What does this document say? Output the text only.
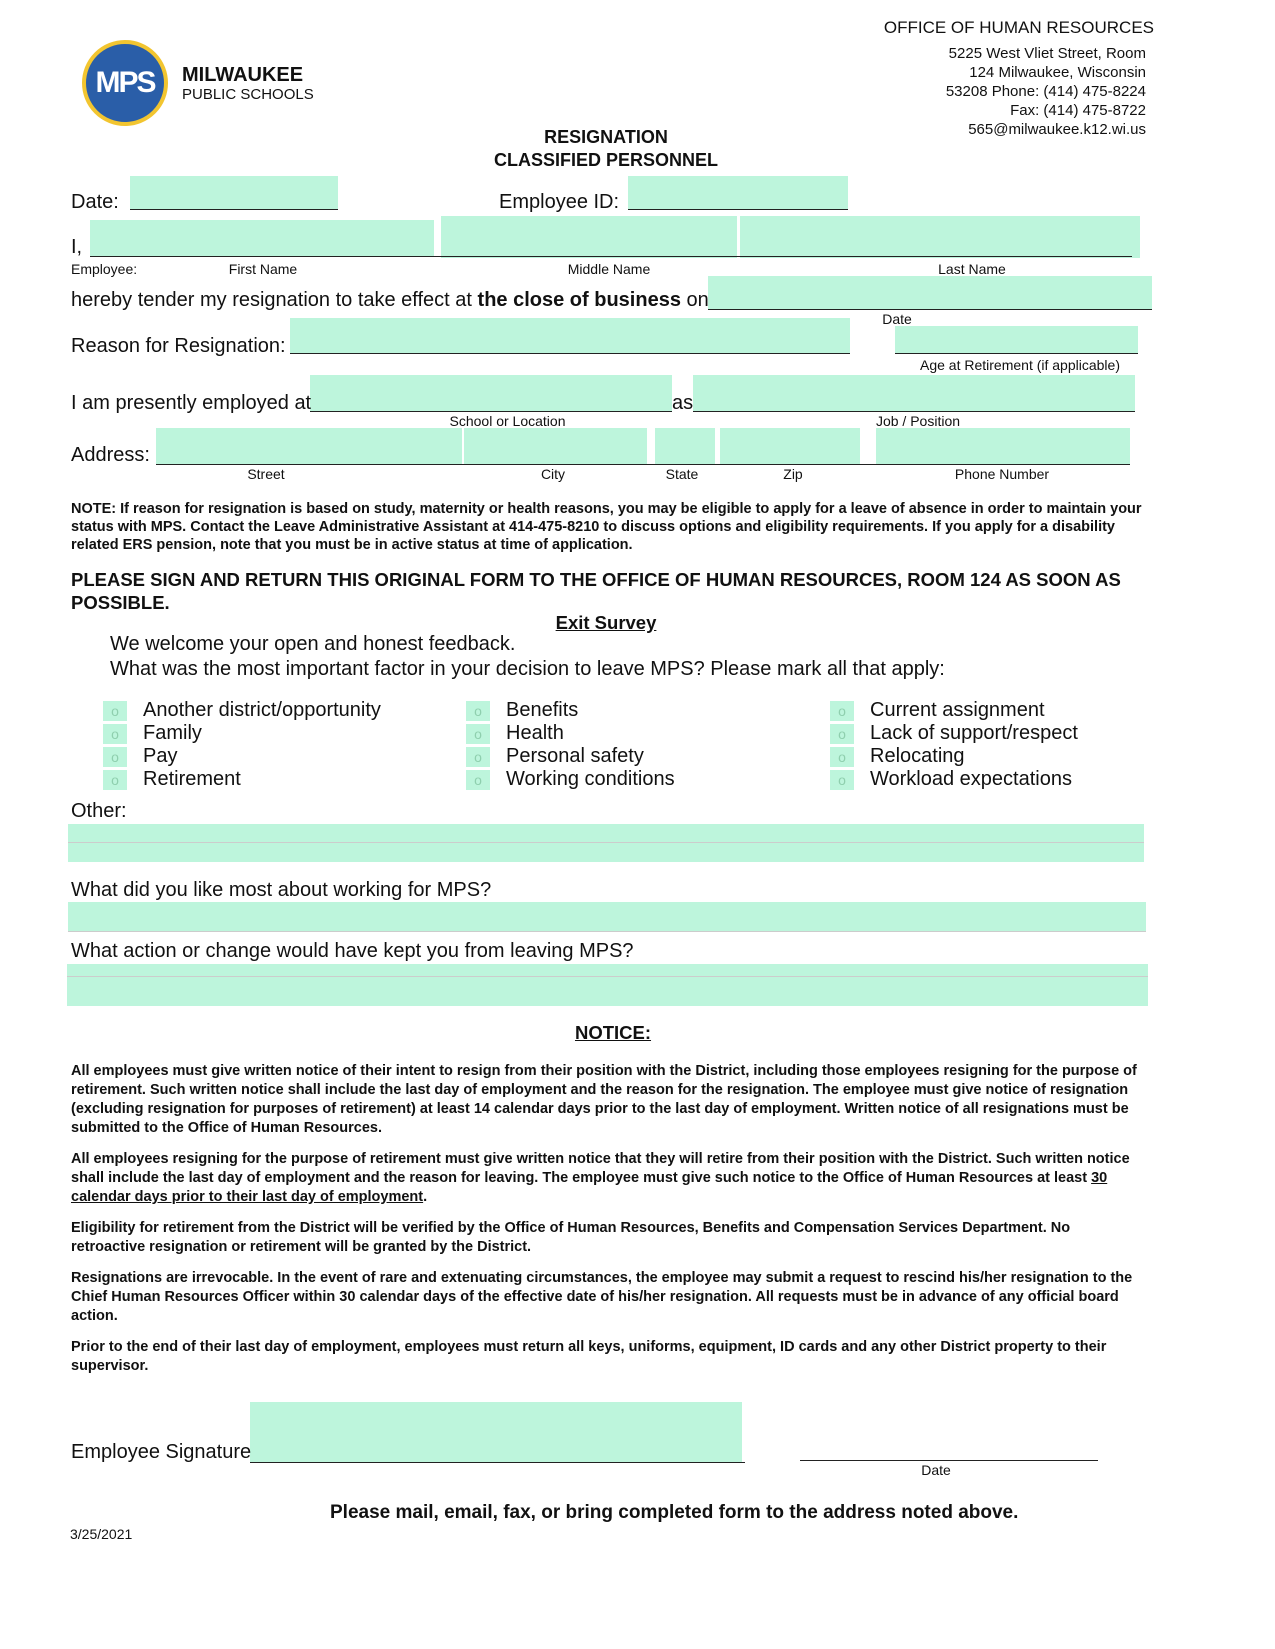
MPS	MILWAUKEE
PUBLIC SCHOOLS
OFFICE OF HUMAN RESOURCES
5225 West Vliet Street, Room
124 Milwaukee, Wisconsin
53208 Phone: (414) 475-8224
Fax: (414) 475-8722
565@milwaukee.k12.wi.us
RESIGNATION
CLASSIFIED PERSONNEL
Date:	Employee ID:
I,
Employee:	First Name	Middle Name	Last Name
hereby tender my resignation to take effect at the close of business on
Date
Reason for Resignation:
Age at Retirement (if applicable)
I am presently employed at	as
School or Location	Job / Position
Address:
Street	City	State	Zip	Phone Number
NOTE: If reason for resignation is based on study, maternity or health reasons, you may be eligible to apply for a leave of absence in order to maintain your status with MPS. Contact the Leave Administrative Assistant at 414-475-8210 to discuss options and eligibility requirements. If you apply for a disability related ERS pension, note that you must be in active status at time of application.
PLEASE SIGN AND RETURN THIS ORIGINAL FORM TO THE OFFICE OF HUMAN RESOURCES, ROOM 124 AS SOON AS POSSIBLE.
Exit Survey
We welcome your open and honest feedback.
What was the most important factor in your decision to leave MPS? Please mark all that apply:
o	Another district/opportunity
o	Family
o	Pay
o	Retirement
o	Benefits
o	Health
o	Personal safety
o	Working conditions
o	Current assignment
o	Lack of support/respect
o	Relocating
o	Workload expectations
Other:
What did you like most about working for MPS?
What action or change would have kept you from leaving MPS?
NOTICE:

All employees must give written notice of their intent to resign from their position with the District, including those employees resigning for the purpose of retirement. Such written notice shall include the last day of employment and the reason for the resignation. The employee must give notice of resignation (excluding resignation for purposes of retirement) at least 14 calendar days prior to the last day of employment. Written notice of all resignations must be submitted to the Office of Human Resources.

All employees resigning for the purpose of retirement must give written notice that they will retire from their position with the District. Such written notice shall include the last day of employment and the reason for leaving. The employee must give such notice to the Office of Human Resources at least 30 calendar days prior to their last day of employment.

Eligibility for retirement from the District will be verified by the Office of Human Resources, Benefits and Compensation Services Department. No retroactive resignation or retirement will be granted by the District.

Resignations are irrevocable. In the event of rare and extenuating circumstances, the employee may submit a request to rescind his/her resignation to the Chief Human Resources Officer within 30 calendar days of the effective date of his/her resignation. All requests must be in advance of any official board action.

Prior to the end of their last day of employment, employees must return all keys, uniforms, equipment, ID cards and any other District property to their supervisor.

Employee Signature
Date
Please mail, email, fax, or bring completed form to the address noted above.
3/25/2021
